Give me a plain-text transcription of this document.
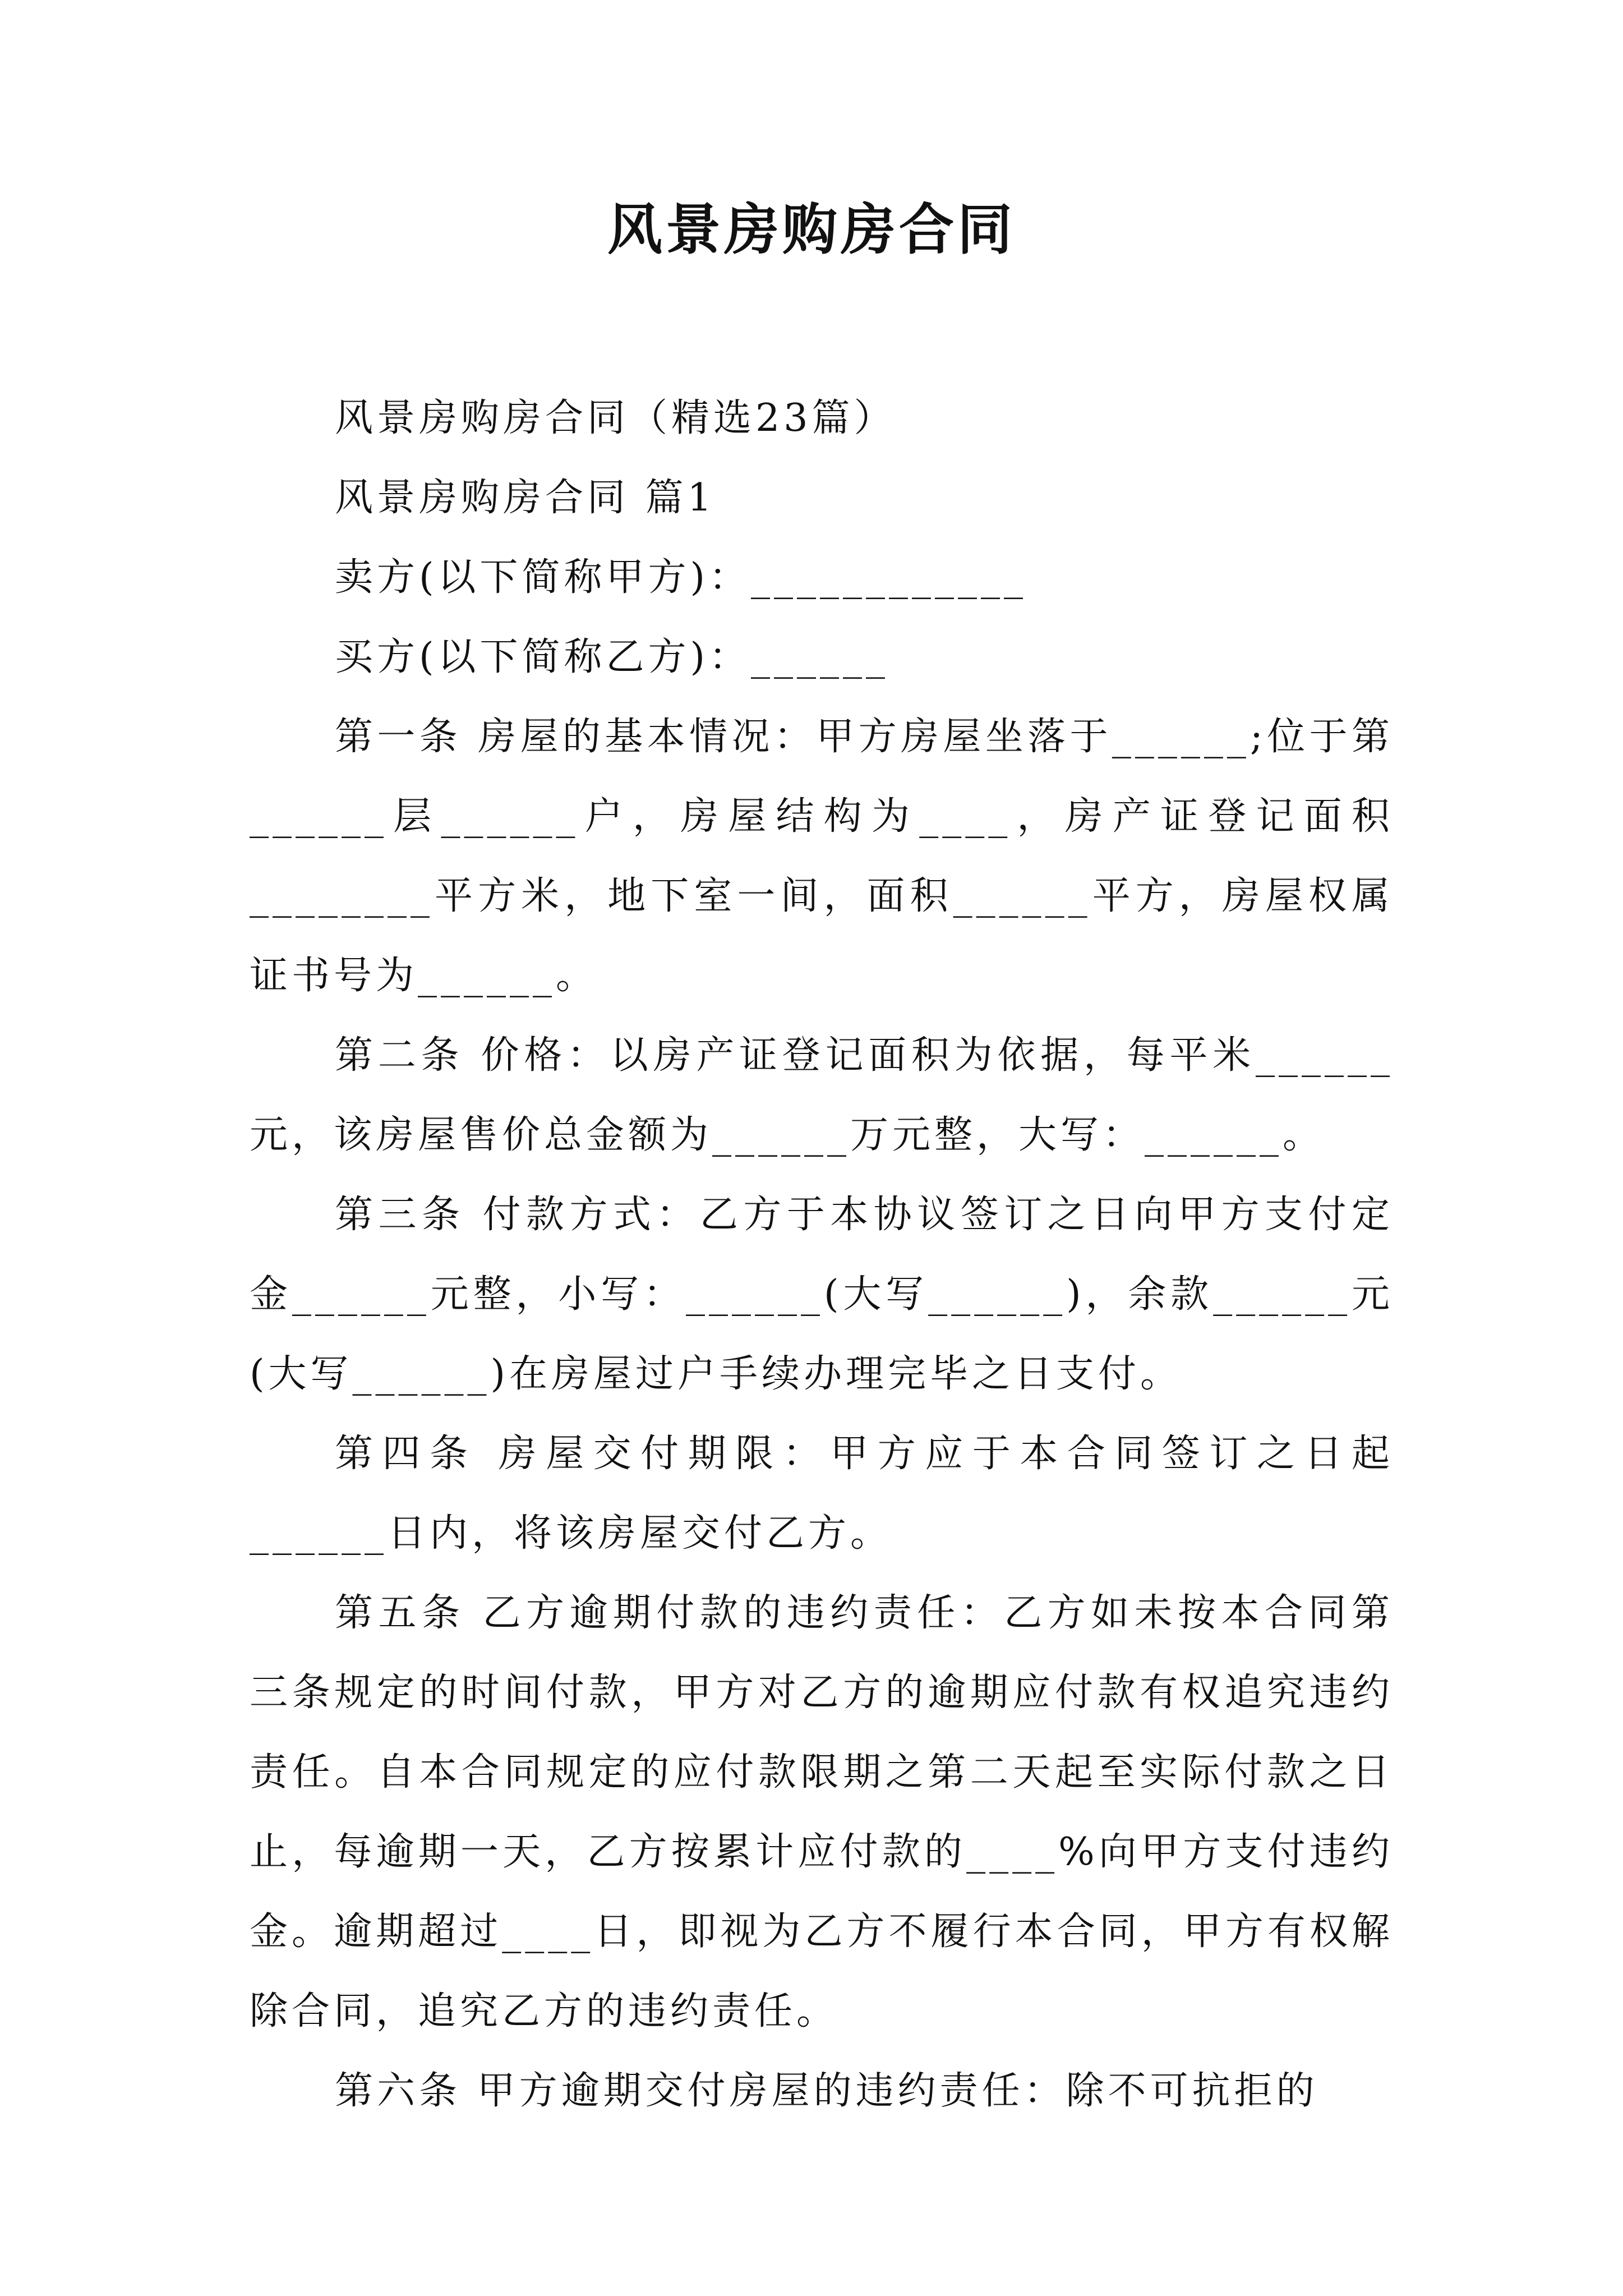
风景房购房合同

风景房购房合同（精选23篇）

风景房购房合同 篇1

卖方(以下简称甲方)：____________

买方(以下简称乙方)：______

第一条 房屋的基本情况：甲方房屋坐落于______;位于第______层______户，房屋结构为____，房产证登记面积________平方米，地下室一间，面积______平方，房屋权属证书号为______。

第二条 价格：以房产证登记面积为依据，每平米______元，该房屋售价总金额为______万元整，大写：______。

第三条 付款方式：乙方于本协议签订之日向甲方支付定金______元整，小写：______(大写______)，余款______元(大写______)在房屋过户手续办理完毕之日支付。

第四条 房屋交付期限：甲方应于本合同签订之日起______日内，将该房屋交付乙方。

第五条 乙方逾期付款的违约责任：乙方如未按本合同第三条规定的时间付款，甲方对乙方的逾期应付款有权追究违约责任。自本合同规定的应付款限期之第二天起至实际付款之日止，每逾期一天，乙方按累计应付款的____%向甲方支付违约金。逾期超过____日，即视为乙方不履行本合同，甲方有权解除合同，追究乙方的违约责任。

第六条 甲方逾期交付房屋的违约责任：除不可抗拒的
